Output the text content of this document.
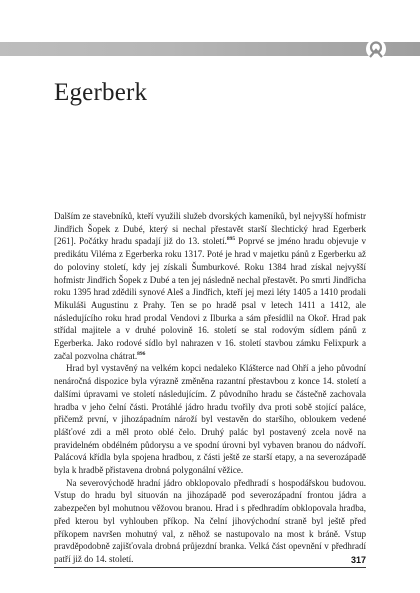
Egerberk

Dalším ze stavebníků, kteří využili služeb dvorských kameníků, byl nejvyšší hofmistr Jindřich Šopek z Dubé, který si nechal přestavět starší šlechtický hrad Egerberk [261]. Počátky hradu spadají již do 13. století.$^{895}$ Poprvé se jméno hradu objevuje v predikátu Viléma z Egerberka roku 1317. Poté je hrad v majetku pánů z Egerberku až do poloviny století, kdy jej získali Šumburkové. Roku 1384 hrad získal nejvyšší hofmistr Jindřich Šopek z Dubé a ten jej následně nechal přestavět. Po smrti Jindřicha roku 1395 hrad zdědili synové Aleš a Jindřich, kteří jej mezi léty 1405 a 1410 prodali Mikuláši Augustinu z Prahy. Ten se po hradě psal v letech 1411 a 1412, ale následujícího roku hrad prodal Vendovi z Ilburka a sám přesídlil na Okoř. Hrad pak střídal majitele a v druhé polovině 16. století se stal rodovým sídlem pánů z Egerberka. Jako rodové sídlo byl nahrazen v 16. století stavbou zámku Felixpurk a začal pozvolna chátrat.$^{896}$

Hrad byl vystavěný na velkém kopci nedaleko Klášterce nad Ohří a jeho původní nenáročná dispozice byla výrazně změněna razantní přestavbou z konce 14. století a dalšími úpravami ve století následujícím. Z původního hradu se částečně zachovala hradba v jeho čelní části. Protáhlé jádro hradu tvořily dva proti sobě stojící paláce, přičemž první, v jihozápadním nároží byl vestavěn do staršího, obloukem vedené plášťové zdi a měl proto oblé čelo. Druhý palác byl postavený zcela nově na pravidelném obdélném půdorysu a ve spodní úrovni byl vybaven branou do nádvoří. Palácová křídla byla spojena hradbou, z části ještě ze starší etapy, a na severozápadě byla k hradbě přistavena drobná polygonální věžice.

Na severovýchodě hradní jádro obklopovalo předhradí s hospodářskou budovou. Vstup do hradu byl situován na jihozápadě pod severozápadní frontou jádra a zabezpečen byl mohutnou věžovou branou. Hrad i s předhradím obklopovala hradba, před kterou byl vyhlouben příkop. Na čelní jihovýchodní straně byl ještě před příkopem navršen mohutný val, z něhož se nastupovalo na most k bráně. Vstup pravděpodobně zajišťovala drobná průjezdní branka. Velká část opevnění v předhradí patří již do 14. století.	317
